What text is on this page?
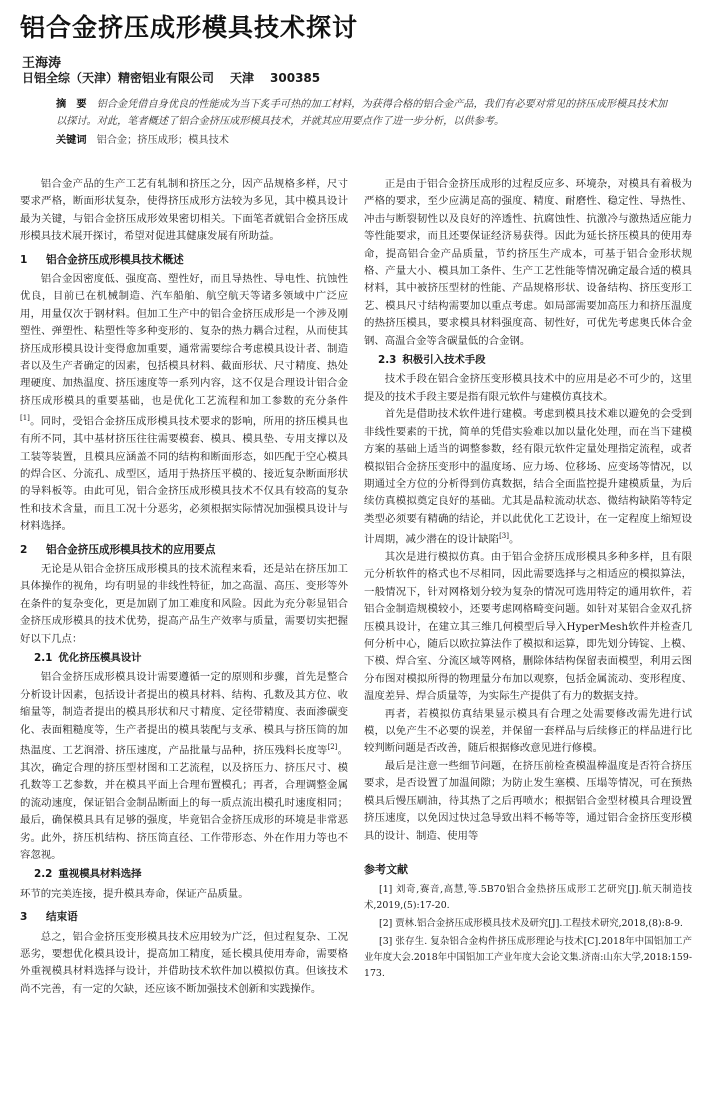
铝合金挤压成形模具技术探讨
王海涛
日铝全综（天津）精密铝业有限公司 天津 300385
摘　要 铝合金凭借自身优良的性能成为当下炙手可热的加工材料，为获得合格的铝合金产品，我们有必要对常见的挤压成形模具技术加以探讨。对此，笔者概述了铝合金挤压成形模具技术，并就其应用要点作了进一步分析，以供参考。
关键词 铝合金；挤压成形；模具技术

铝合金产品的生产工艺有轧制和挤压之分，因产品规格多样，尺寸要求严格，断面形状复杂，使得挤压成形方法较为多见，其中模具设计最为关键，与铝合金挤压成形效果密切相关。下面笔者就铝合金挤压成形模具技术展开探讨，希望对促进其健康发展有所助益。

1 铝合金挤压成形模具技术概述

铝合金因密度低、强度高、塑性好，而且导热性、导电性、抗蚀性优良，目前已在机械制造、汽车船舶、航空航天等诸多领域中广泛应用，用量仅次于钢材料。但加工生产中的铝合金挤压成形是一个涉及刚塑性、弹塑性、粘塑性等多种变形的、复杂的热力耦合过程，从而使其挤压成形模具设计变得愈加重要，通常需要综合考虑模具设计者、制造者以及生产者确定的因素，包括模具材料、截面形状、尺寸精度、热处理硬度、加热温度、挤压速度等一系列内容，这不仅是合理设计铝合金挤压成形模具的重要基础，也是优化工艺流程和加工参数的充分条件[1]。同时，受铝合金挤压成形模具技术要求的影响，所用的挤压模具也有所不同，其中基材挤压往往需要模套、模具、模具垫、专用支撑以及工装等装置，且模具应涵盖不同的结构和断面形态，如匹配于空心模具的焊合区、分流孔、成型区，适用于热挤压平模的、接近复杂断面形状的导料板等。由此可见，铝合金挤压成形模具技术不仅具有较高的复杂性和技术含量，而且工况十分恶劣，必须根据实际情况加强模具设计与材料选择。

2 铝合金挤压成形模具技术的应用要点

无论是从铝合金挤压成形模具的技术流程来看，还是站在挤压加工具体操作的视角，均有明显的非线性特征，加之高温、高压、变形等外在条件的复杂变化，更是加剧了加工难度和风险。因此为充分彰显铝合金挤压成形模具的技术优势，提高产品生产效率与质量，需要切实把握好以下几点：

2.1 优化挤压模具设计

铝合金挤压成形模具设计需要遵循一定的原则和步骤，首先是整合分析设计因素，包括设计者提出的模具材料、结构、孔数及其方位、收缩量等，制造者提出的模具形状和尺寸精度、定径带精度、表面渗碳变化、表面粗糙度等，生产者提出的模具装配与支承、模具与挤压筒的加热温度、工艺润滑、挤压速度，产品批量与品种，挤压残料长度等[2]。其次，确定合理的挤压型材图和工艺流程，以及挤压力、挤压尺寸、模孔数等工艺参数，并在模具平面上合理布置模孔；再者，合理调整金属的流动速度，保证铝合金制品断面上的每一质点流出模孔时速度相同；最后，确保模具具有足够的强度，毕竟铝合金挤压成形的环境是非常恶劣。此外，挤压机结构、挤压筒直径、工作带形态、外在作用力等也不容忽视。

2.2 重视模具材料选择

环节的完美连接，提升模具寿命，保证产品质量。

3 结束语

总之，铝合金挤压变形模具技术应用较为广泛，但过程复杂、工况恶劣，要想优化模具设计，提高加工精度，延长模具使用寿命，需要格外重视模具材料选择与设计，并借助技术软件加以模拟仿真。但该技术尚不完善，有一定的欠缺，还应该不断加强技术创新和实践操作。

正是由于铝合金挤压成形的过程反应多、环境杂，对模具有着极为严格的要求，至少应满足高的强度、精度、耐磨性、稳定性、导热性、冲击与断裂韧性以及良好的淬透性、抗腐蚀性、抗激冷与激热适应能力等性能要求，而且还要保证经济易获得。因此为延长挤压模具的使用寿命，提高铝合金产品质量，节约挤压生产成本，可基于铝合金形状规格、产量大小、模具加工条件、生产工艺性能等情况确定最合适的模具材料，其中被挤压型材的性能、产品规格形状、设备结构、挤压变形工艺、模具尺寸结构需要加以重点考虑。如局部需要加高压力和挤压温度的热挤压模具，要求模具材料强度高、韧性好，可优先考虑奥氏体合金钢、高温合金等含碳量低的合金钢。

2.3 积极引入技术手段

技术手段在铝合金挤压变形模具技术中的应用是必不可少的，这里提及的技术手段主要是指有限元软件与建模仿真技术。

首先是借助技术软件进行建模。考虑到模具技术难以避免的会受到非线性要素的干扰，简单的凭借实验难以加以量化处理，而在当下建模方案的基础上适当的调整参数，经有限元软件定量处理指定流程，或者模拟铝合金挤压变形中的温度场、应力场、位移场、应变场等情况，以期通过全方位的分析得到仿真数据，结合全面监控提升建模质量，为后续仿真模拟奠定良好的基础。尤其是晶粒流动状态、微结构缺陷等特定类型必须要有精确的结论，并以此优化工艺设计，在一定程度上缩短设计周期，减少潜在的设计缺陷[3]。

其次是进行模拟仿真。由于铝合金挤压成形模具多种多样，且有限元分析软件的格式也不尽相同，因此需要选择与之相适应的模拟算法，一般情况下，针对网格划分较为复杂的情况可选用特定的通用软件，若铝合金制造规模较小，还要考虑网格畸变问题。如针对某铝合金双孔挤压模具设计，在建立其三维几何模型后导入HyperMesh软件并检查几何分析中心，随后以欧拉算法作了模拟和运算，即先划分铸锭、上模、下模、焊合室、分流区域等网格，删除体结构保留表面模型，利用云图分布图对模拟所得的物理量分布加以观察，包括金属流动、变形程度、温度差异、焊合质量等，为实际生产提供了有力的数据支持。

再者，若模拟仿真结果显示模具有合理之处需要修改需先进行试模，以免产生不必要的误差，并保留一套样品与后续修正的样品进行比较判断问题是否改善，随后根据修改意见进行修模。

最后是注意一些细节问题，在挤压前检查模温棒温度是否符合挤压要求，是否设置了加温间隙；为防止发生塞模、压塌等情况，可在预热模具后慢压刷油，待其热了之后再喷水；根据铝合金型材模具合理设置挤压速度，以免因过快过急导致出料不畅等等，通过铝合金挤压变形模具的设计、制造、使用等

参考文献
[1] 刘奇,赛音,高慧,等.5B70铝合金热挤压成形工艺研究[J].航天制造技术,2019,(5):17-20.
[2] 贾林.铝合金挤压成形模具技术及研究[J].工程技术研究,2018,(8):8-9.
[3] 张存生. 复杂铝合金构件挤压成形理论与技术[C].2018年中国铝加工产业年度大会.2018年中国铝加工产业年度大会论文集.济南:山东大学,2018:159-173.
